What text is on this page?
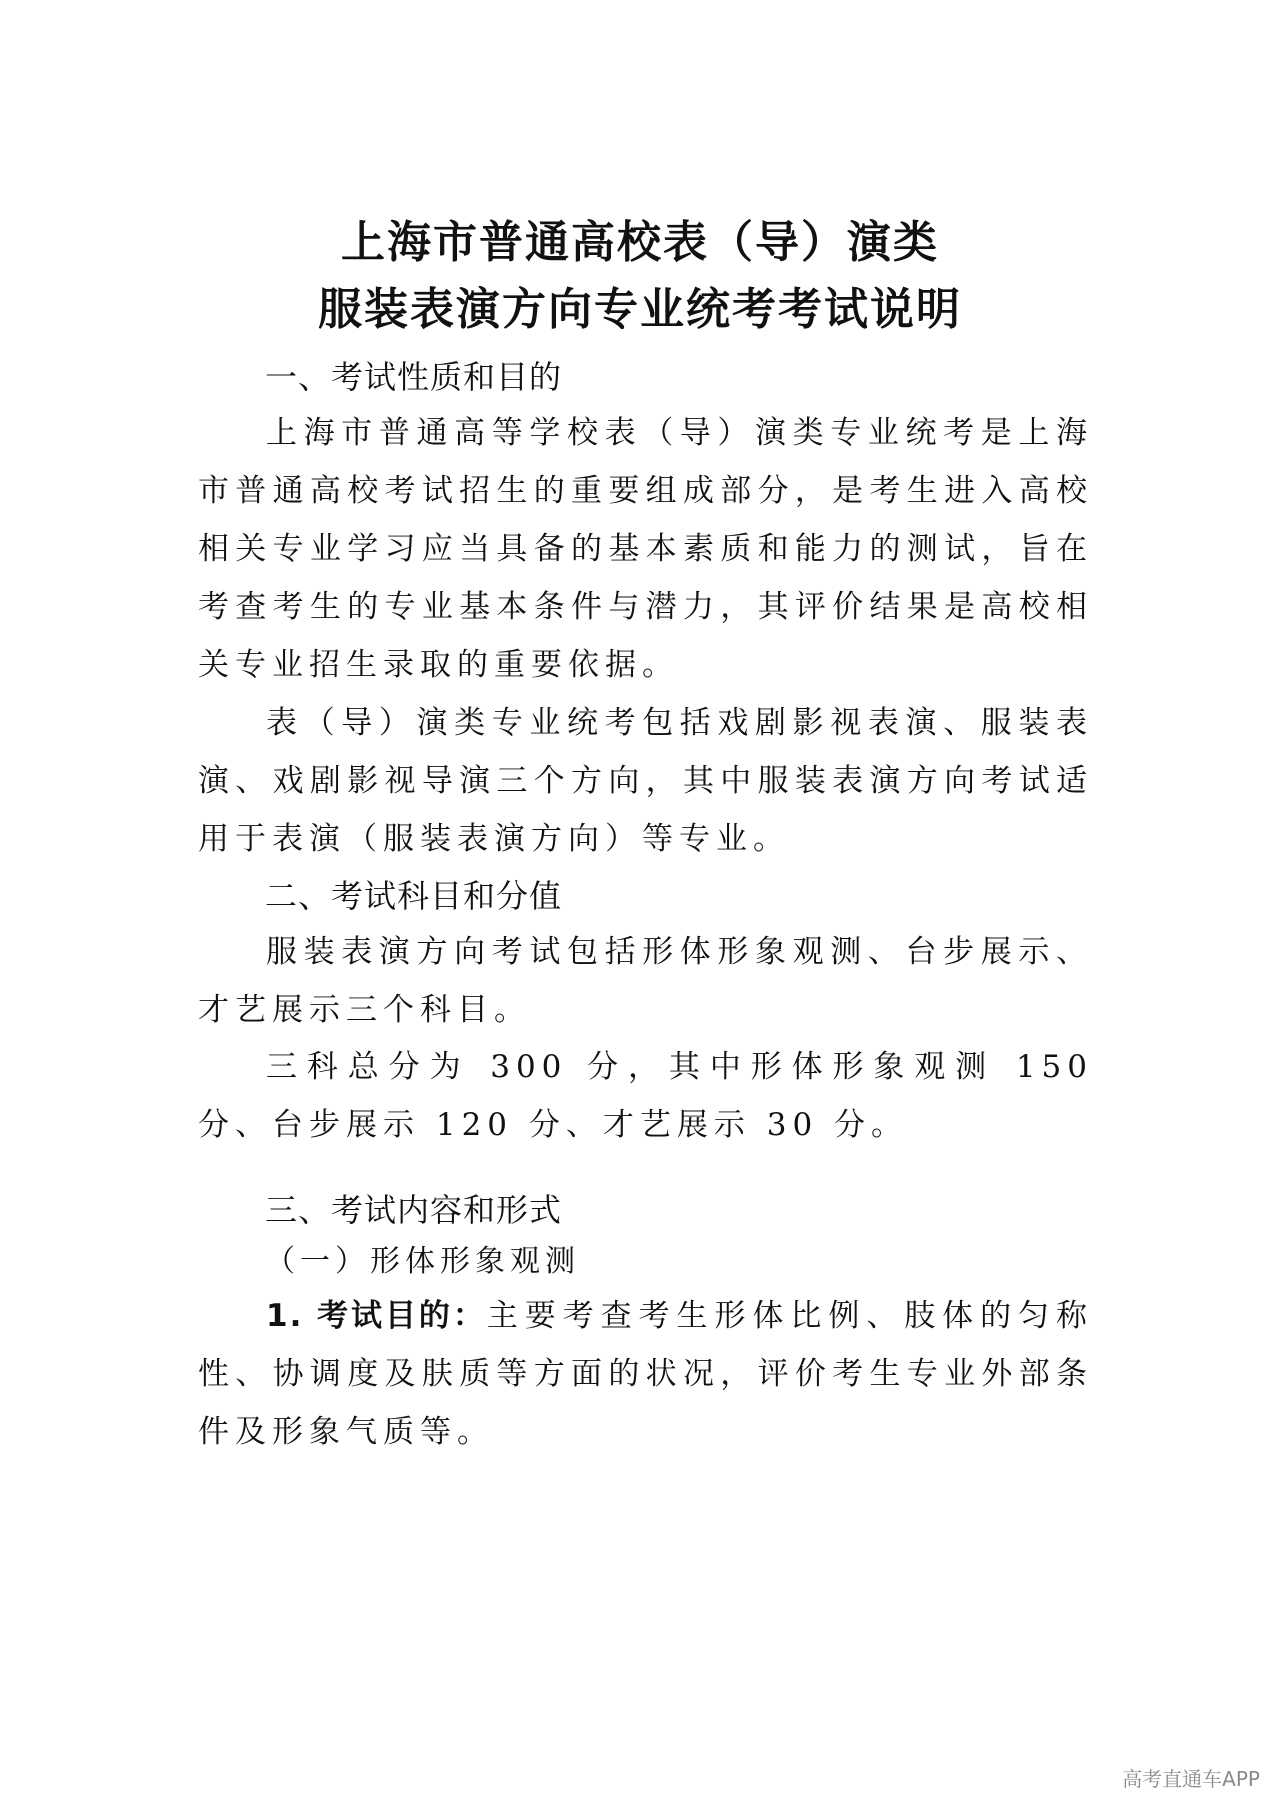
上海市普通高校表（导）演类
服装表演方向专业统考考试说明
一、考试性质和目的

上海市普通高等学校表（导）演类专业统考是上海市普通高校考试招生的重要组成部分，是考生进入高校相关专业学习应当具备的基本素质和能力的测试，旨在考查考生的专业基本条件与潜力，其评价结果是高校相关专业招生录取的重要依据。

表（导）演类专业统考包括戏剧影视表演、服装表演、戏剧影视导演三个方向，其中服装表演方向考试适用于表演（服装表演方向）等专业。

二、考试科目和分值

服装表演方向考试包括形体形象观测、台步展示、才艺展示三个科目。

三科总分为 300 分，其中形体形象观测 150 分、台步展示 120 分、才艺展示 30 分。

三、考试内容和形式
（一）形体形象观测

1. 考试目的：主要考查考生形体比例、肢体的匀称性、协调度及肤质等方面的状况，评价考生专业外部条件及形象气质等。

高考直通车APP
